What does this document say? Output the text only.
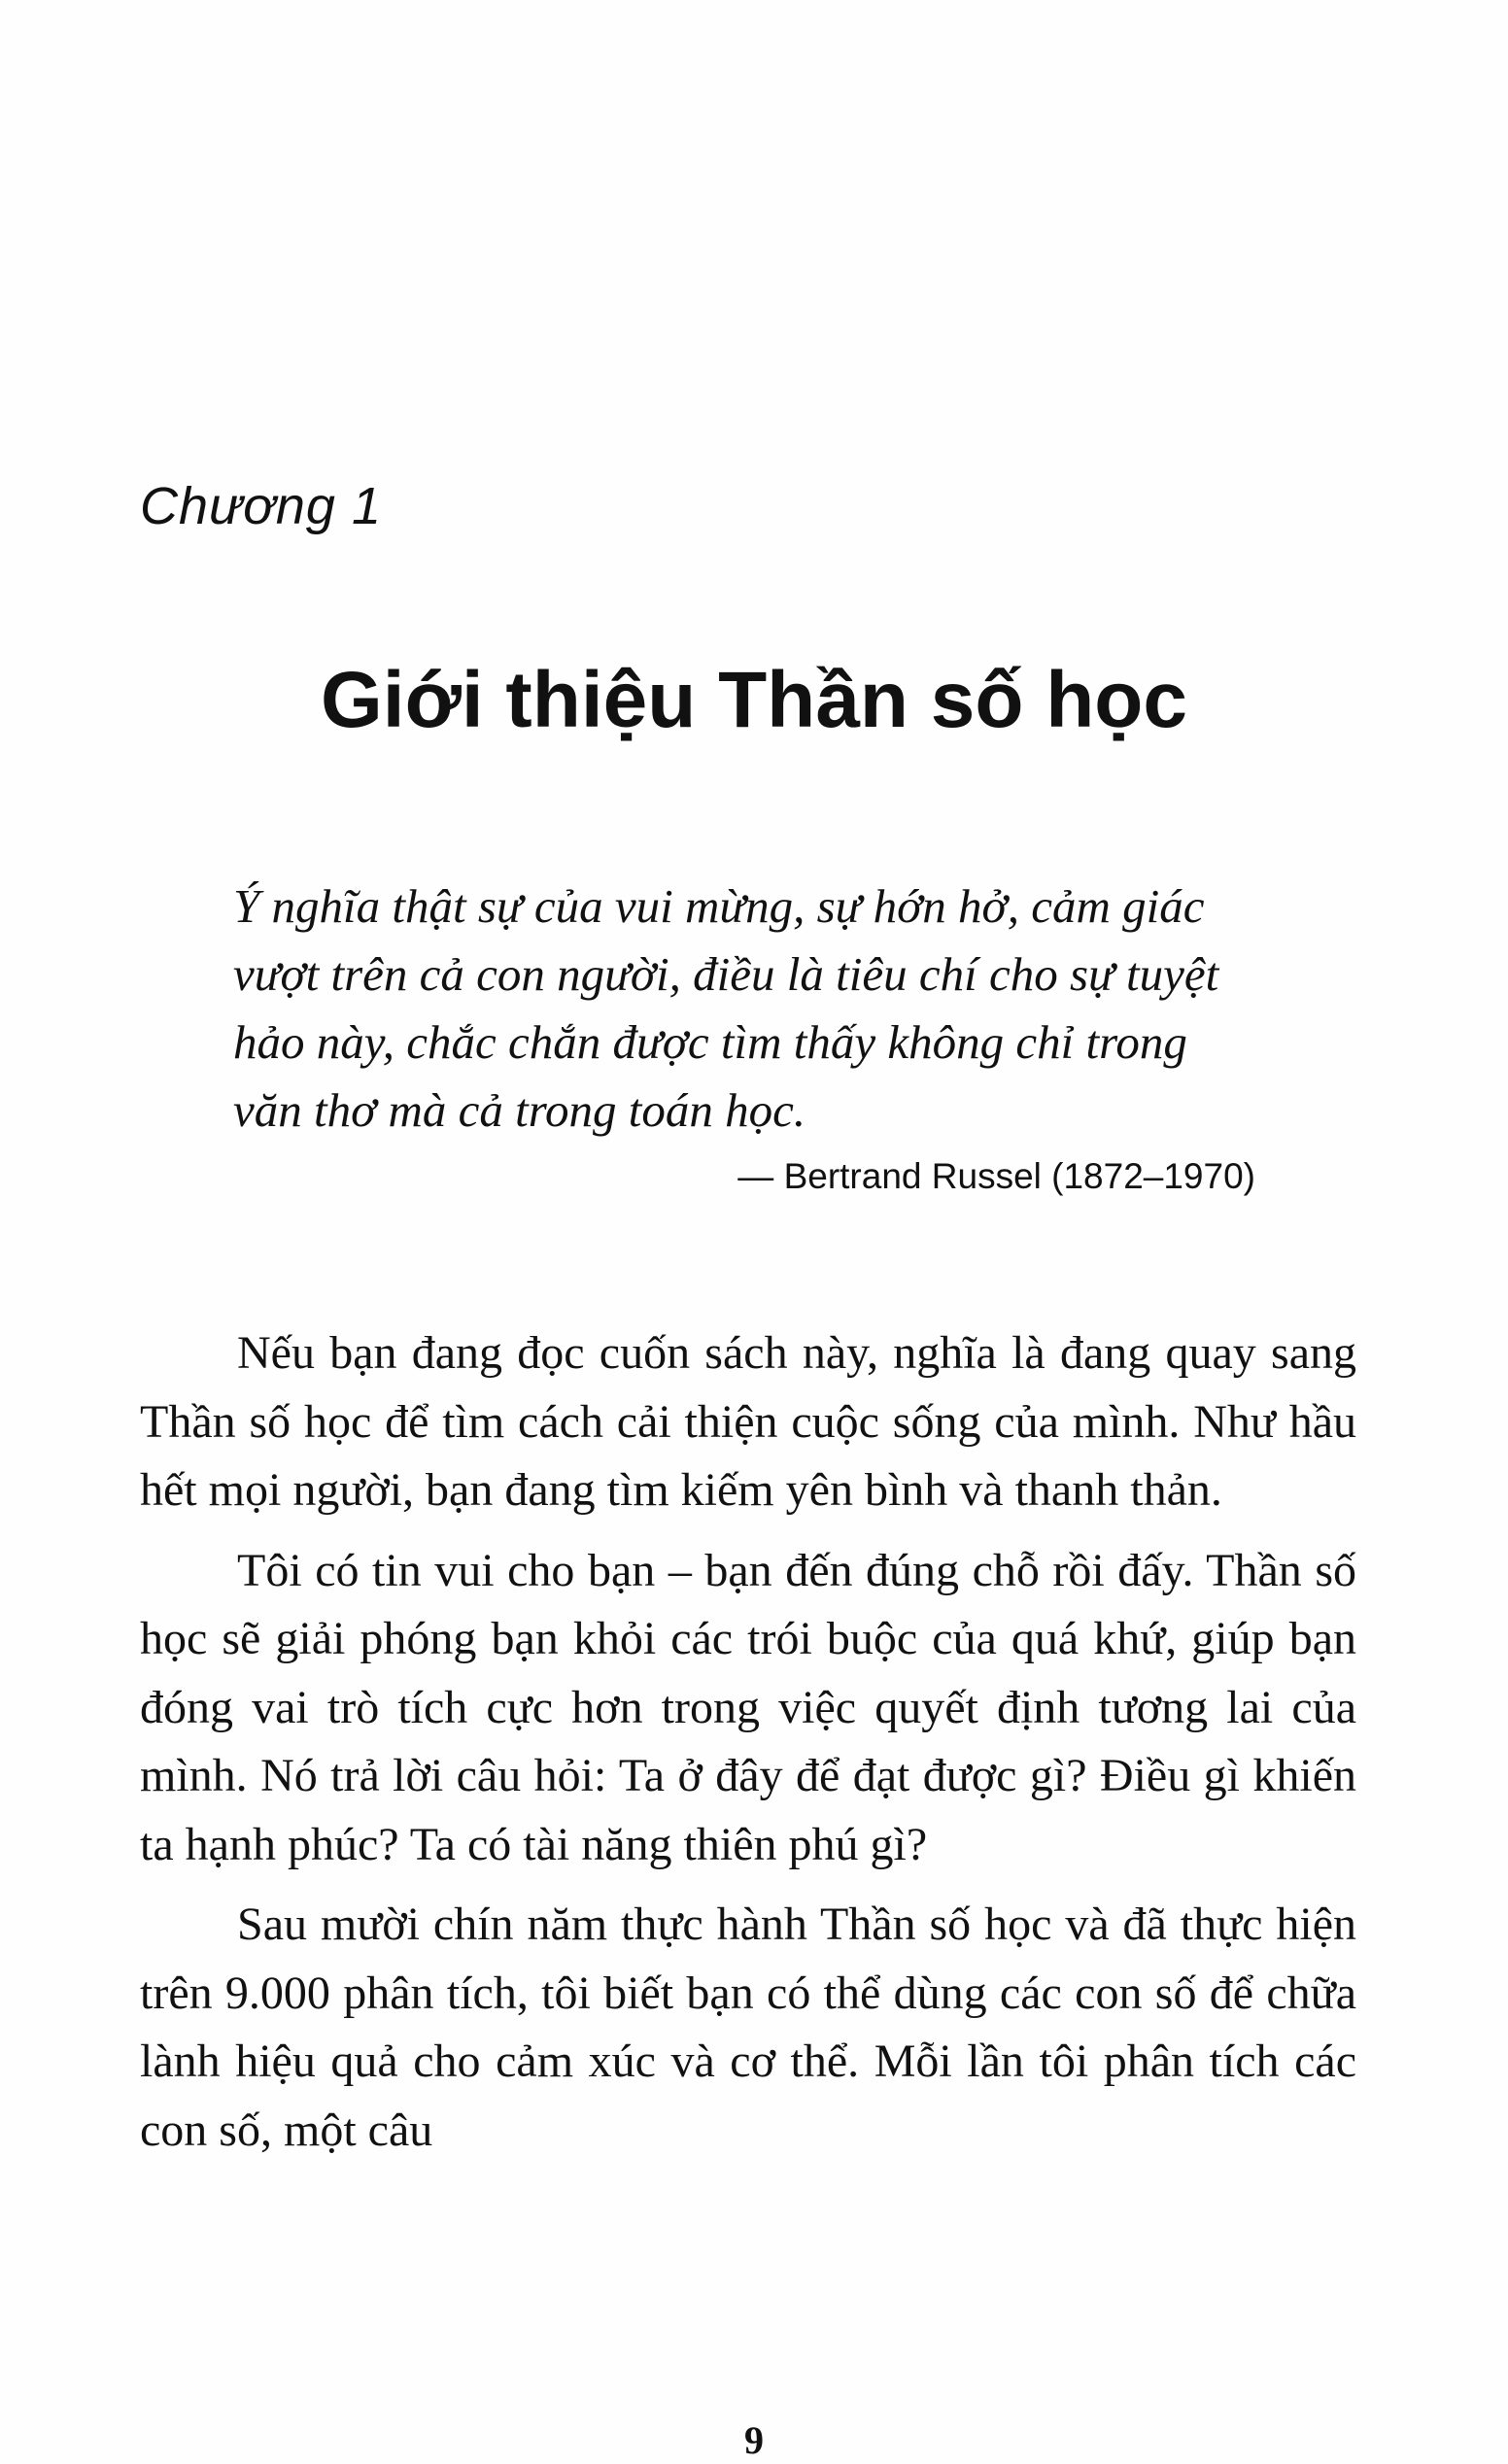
Chương 1
Giới thiệu Thần số học
Ý nghĩa thật sự của vui mừng, sự hớn hở, cảm giác vượt trên cả con người, điều là tiêu chí cho sự tuyệt hảo này, chắc chắn được tìm thấy không chỉ trong văn thơ mà cả trong toán học.
— Bertrand Russel (1872–1970)

Nếu bạn đang đọc cuốn sách này, nghĩa là đang quay sang Thần số học để tìm cách cải thiện cuộc sống của mình. Như hầu hết mọi người, bạn đang tìm kiếm yên bình và thanh thản.

Tôi có tin vui cho bạn – bạn đến đúng chỗ rồi đấy. Thần số học sẽ giải phóng bạn khỏi các trói buộc của quá khứ, giúp bạn đóng vai trò tích cực hơn trong việc quyết định tương lai của mình. Nó trả lời câu hỏi: Ta ở đây để đạt được gì? Điều gì khiến ta hạnh phúc? Ta có tài năng thiên phú gì?

Sau mười chín năm thực hành Thần số học và đã thực hiện trên 9.000 phân tích, tôi biết bạn có thể dùng các con số để chữa lành hiệu quả cho cảm xúc và cơ thể. Mỗi lần tôi phân tích các con số, một câu

9
